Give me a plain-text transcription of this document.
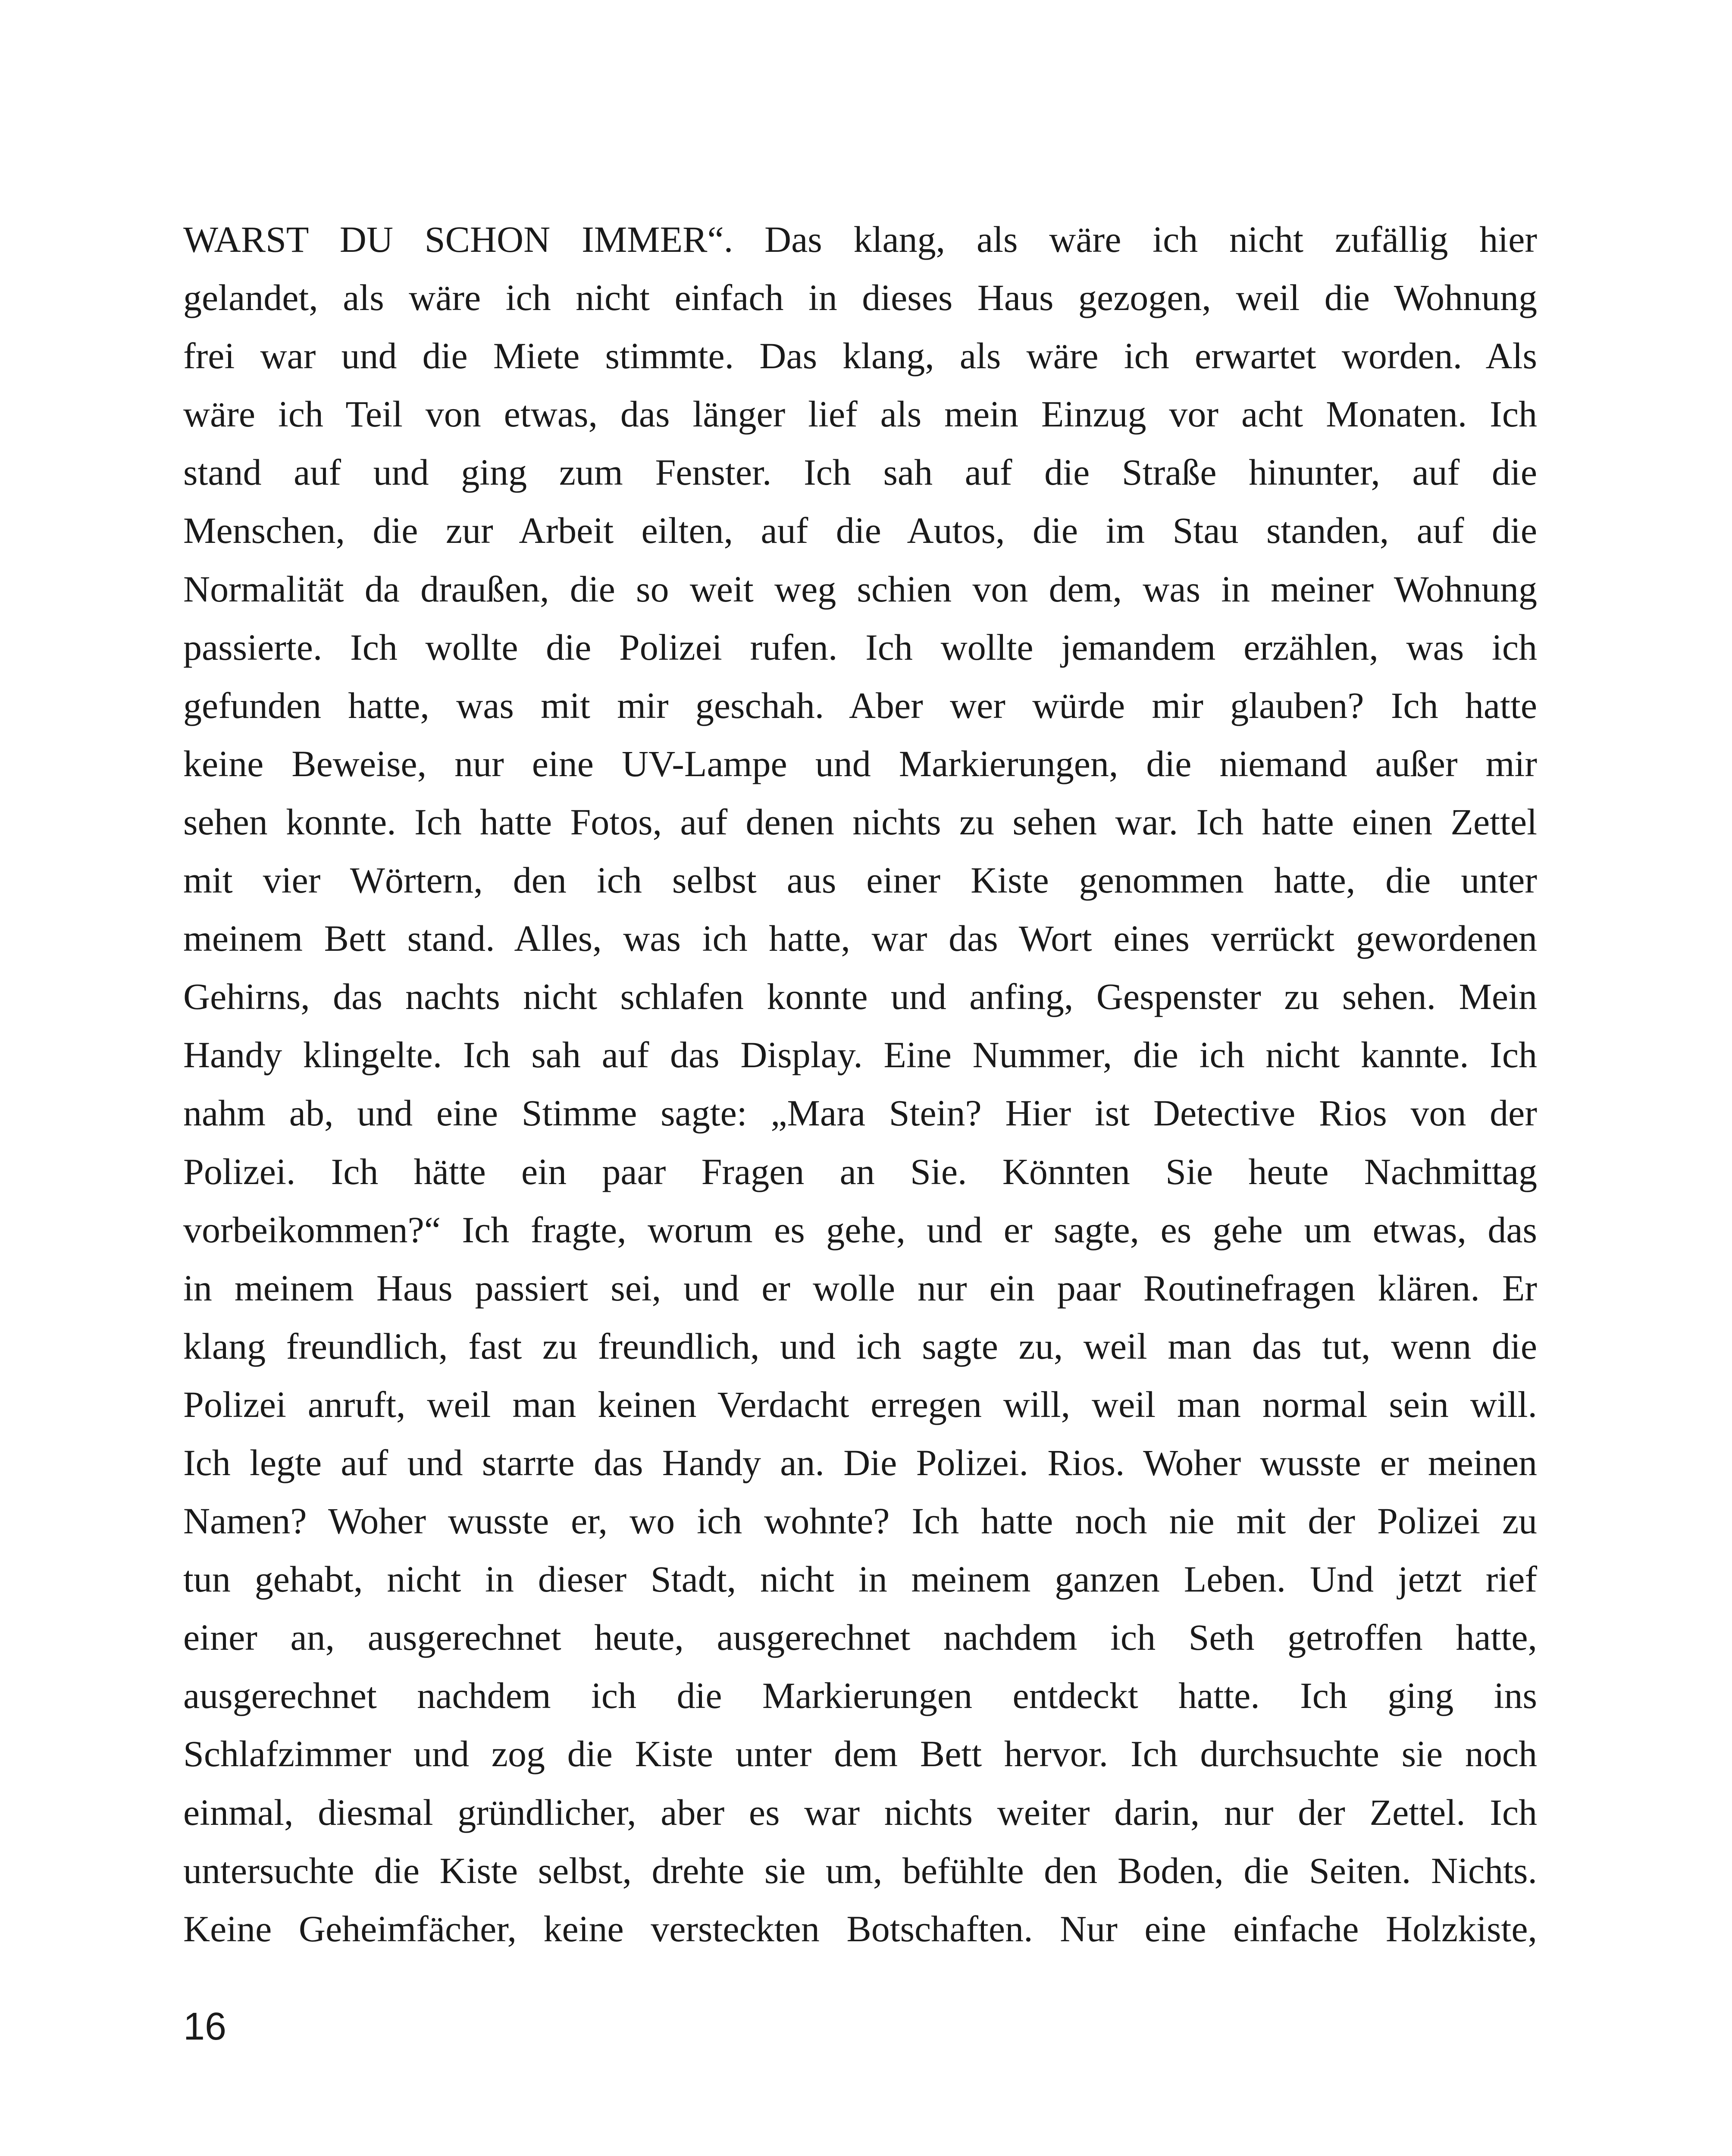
WARST DU SCHON IMMER“. Das klang, als wäre ich nicht zufällig hier
gelandet, als wäre ich nicht einfach in dieses Haus gezogen, weil die Wohnung
frei war und die Miete stimmte. Das klang, als wäre ich erwartet worden. Als
wäre ich Teil von etwas, das länger lief als mein Einzug vor acht Monaten. Ich
stand auf und ging zum Fenster. Ich sah auf die Straße hinunter, auf die
Menschen, die zur Arbeit eilten, auf die Autos, die im Stau standen, auf die
Normalität da draußen, die so weit weg schien von dem, was in meiner Wohnung
passierte. Ich wollte die Polizei rufen. Ich wollte jemandem erzählen, was ich
gefunden hatte, was mit mir geschah. Aber wer würde mir glauben? Ich hatte
keine Beweise, nur eine UV-Lampe und Markierungen, die niemand außer mir
sehen konnte. Ich hatte Fotos, auf denen nichts zu sehen war. Ich hatte einen Zettel
mit vier Wörtern, den ich selbst aus einer Kiste genommen hatte, die unter
meinem Bett stand. Alles, was ich hatte, war das Wort eines verrückt gewordenen
Gehirns, das nachts nicht schlafen konnte und anfing, Gespenster zu sehen. Mein
Handy klingelte. Ich sah auf das Display. Eine Nummer, die ich nicht kannte. Ich
nahm ab, und eine Stimme sagte: „Mara Stein? Hier ist Detective Rios von der
Polizei. Ich hätte ein paar Fragen an Sie. Könnten Sie heute Nachmittag
vorbeikommen?“ Ich fragte, worum es gehe, und er sagte, es gehe um etwas, das
in meinem Haus passiert sei, und er wolle nur ein paar Routinefragen klären. Er
klang freundlich, fast zu freundlich, und ich sagte zu, weil man das tut, wenn die
Polizei anruft, weil man keinen Verdacht erregen will, weil man normal sein will.
Ich legte auf und starrte das Handy an. Die Polizei. Rios. Woher wusste er meinen
Namen? Woher wusste er, wo ich wohnte? Ich hatte noch nie mit der Polizei zu
tun gehabt, nicht in dieser Stadt, nicht in meinem ganzen Leben. Und jetzt rief
einer an, ausgerechnet heute, ausgerechnet nachdem ich Seth getroffen hatte,
ausgerechnet nachdem ich die Markierungen entdeckt hatte. Ich ging ins
Schlafzimmer und zog die Kiste unter dem Bett hervor. Ich durchsuchte sie noch
einmal, diesmal gründlicher, aber es war nichts weiter darin, nur der Zettel. Ich
untersuchte die Kiste selbst, drehte sie um, befühlte den Boden, die Seiten. Nichts.
Keine Geheimfächer, keine versteckten Botschaften. Nur eine einfache Holzkiste,
16
